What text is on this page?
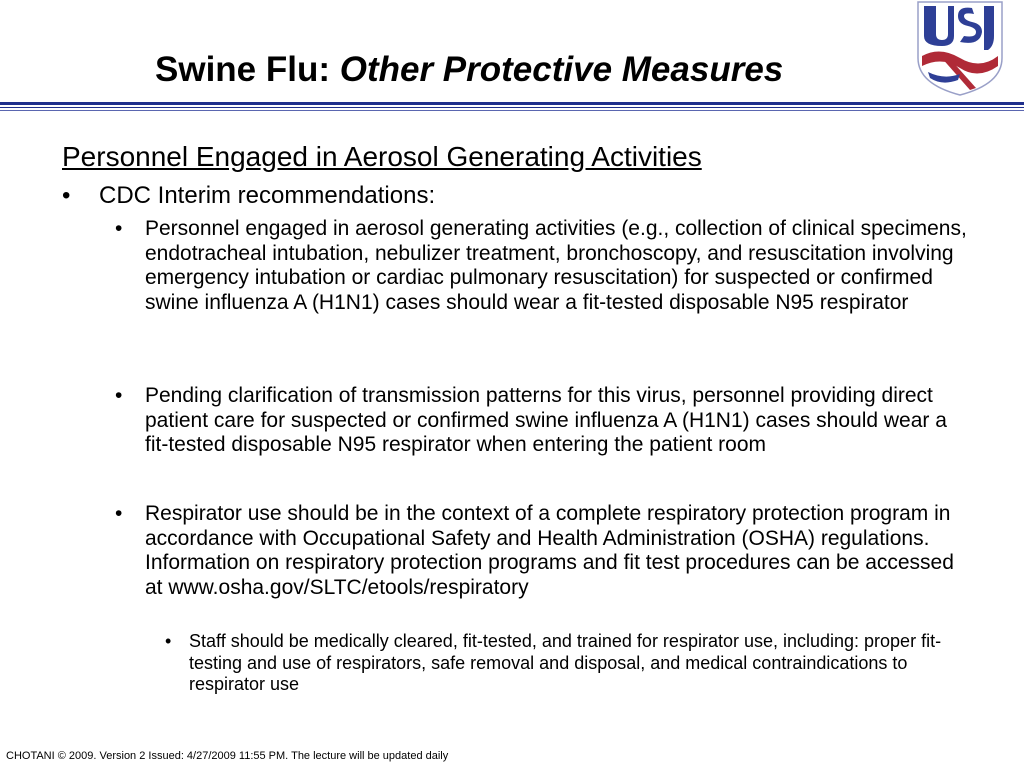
Swine Flu: Other Protective Measures
Personnel Engaged in Aerosol Generating Activities
• CDC Interim recommendations:
• Personnel engaged in aerosol generating activities (e.g., collection of clinical specimens, endotracheal intubation, nebulizer treatment, bronchoscopy, and resuscitation involving emergency intubation or cardiac pulmonary resuscitation) for suspected or confirmed swine influenza A (H1N1) cases should wear a fit-tested disposable N95 respirator
• Pending clarification of transmission patterns for this virus, personnel providing direct patient care for suspected or confirmed swine influenza A (H1N1) cases should wear a fit-tested disposable N95 respirator when entering the patient room
• Respirator use should be in the context of a complete respiratory protection program in accordance with Occupational Safety and Health Administration (OSHA) regulations. Information on respiratory protection programs and fit test procedures can be accessed at www.osha.gov/SLTC/etools/respiratory
• Staff should be medically cleared, fit-tested, and trained for respirator use, including: proper fit-testing and use of respirators, safe removal and disposal, and medical contraindications to respirator use
CHOTANI © 2009. Version 2 Issued: 4/27/2009 11:55 PM. The lecture will be updated daily
